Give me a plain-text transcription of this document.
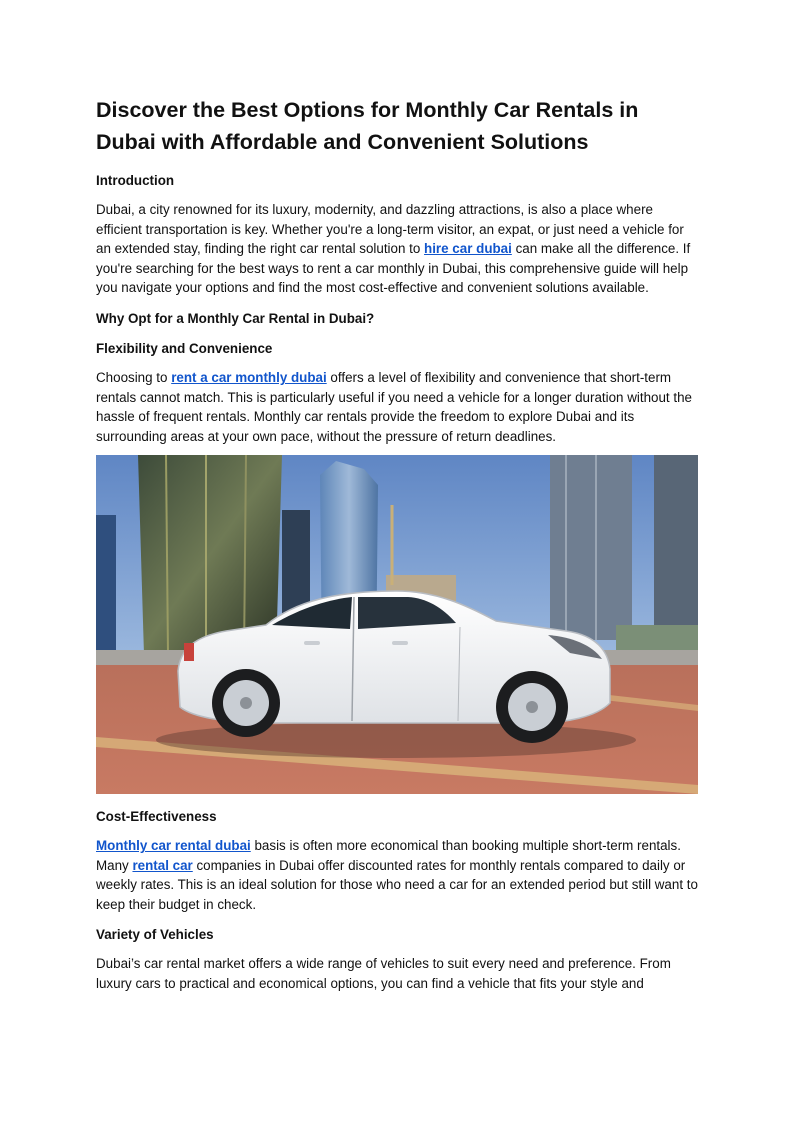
Discover the Best Options for Monthly Car Rentals in Dubai with Affordable and Convenient Solutions

Introduction

Dubai, a city renowned for its luxury, modernity, and dazzling attractions, is also a place where efficient transportation is key. Whether you're a long-term visitor, an expat, or just need a vehicle for an extended stay, finding the right car rental solution to hire car dubai can make all the difference. If you're searching for the best ways to rent a car monthly in Dubai, this comprehensive guide will help you navigate your options and find the most cost-effective and convenient solutions available.

Why Opt for a Monthly Car Rental in Dubai?

Flexibility and Convenience

Choosing to rent a car monthly dubai offers a level of flexibility and convenience that short-term rentals cannot match. This is particularly useful if you need a vehicle for a longer duration without the hassle of frequent rentals. Monthly car rentals provide the freedom to explore Dubai and its surrounding areas at your own pace, without the pressure of return deadlines.

Cost-Effectiveness

Monthly car rental dubai basis is often more economical than booking multiple short-term rentals. Many rental car companies in Dubai offer discounted rates for monthly rentals compared to daily or weekly rates. This is an ideal solution for those who need a car for an extended period but still want to keep their budget in check.

Variety of Vehicles

Dubai’s car rental market offers a wide range of vehicles to suit every need and preference. From luxury cars to practical and economical options, you can find a vehicle that fits your style and
